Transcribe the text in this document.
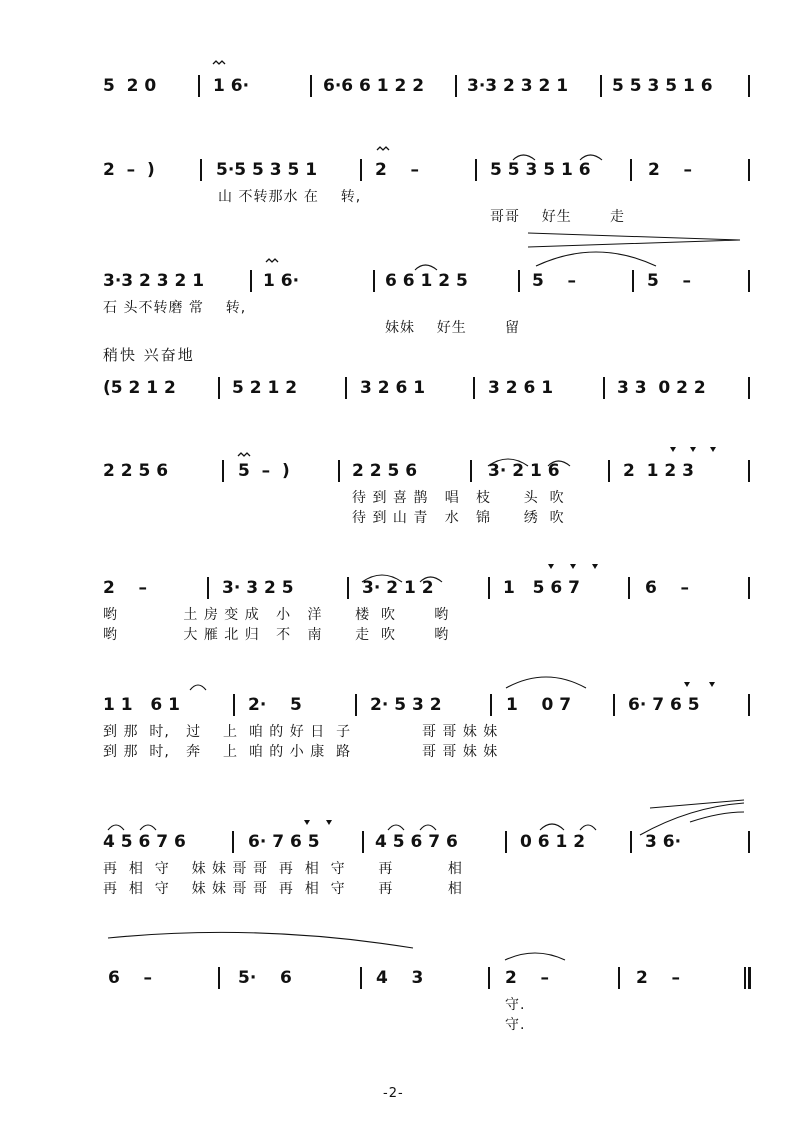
5  2 0	1 6·	6·6 6 1 2 2	3·3 2 3 2 1	5 5 3 5 1 6
2  –  )	5·5 5 3 5 1	2    –	5 5 3 5 1 6	2    –
山 不转那水 在    转,
哥哥    好生       走
3·3 2 3 2 1	1 6·	6 6 1 2 5	5    –	5    –
石 头不转磨 常    转,
妹妹    好生       留
(5 2 1 2	5 2 1 2	3 2 6 1	3 2 6 1	3 3  0 2 2
2 2 5 6	5  –  )	2 2 5 6	3· 2 1 6	2  1 2 3
待 到 喜 鹊   唱   枝      头  吹
待 到 山 青   水   锦      绣  吹
2    –	3· 3 2 5	3· 2 1 2	1   5 6 7	6    –
哟            土 房 变 成   小   洋      楼  吹       哟
哟            大 雁 北 归   不   南      走  吹       哟
1 1   6 1	2·    5	2· 5 3 2	1    0 7	6· 7 6 5
到 那  时,   过    上  咱 的 好 日  子             哥 哥 妹 妹
到 那  时,   奔    上  咱 的 小 康  路             哥 哥 妹 妹
4 5 6 7 6	6· 7 6 5	4 5 6 7 6	0 6 1 2	3 6·
再  相  守    妹 妹 哥 哥  再  相  守      再          相
再  相  守    妹 妹 哥 哥  再  相  守      再          相
6    –	5·    6	4    3	2    –	2    –
守.
守.
稍快 兴奋地
-2-
